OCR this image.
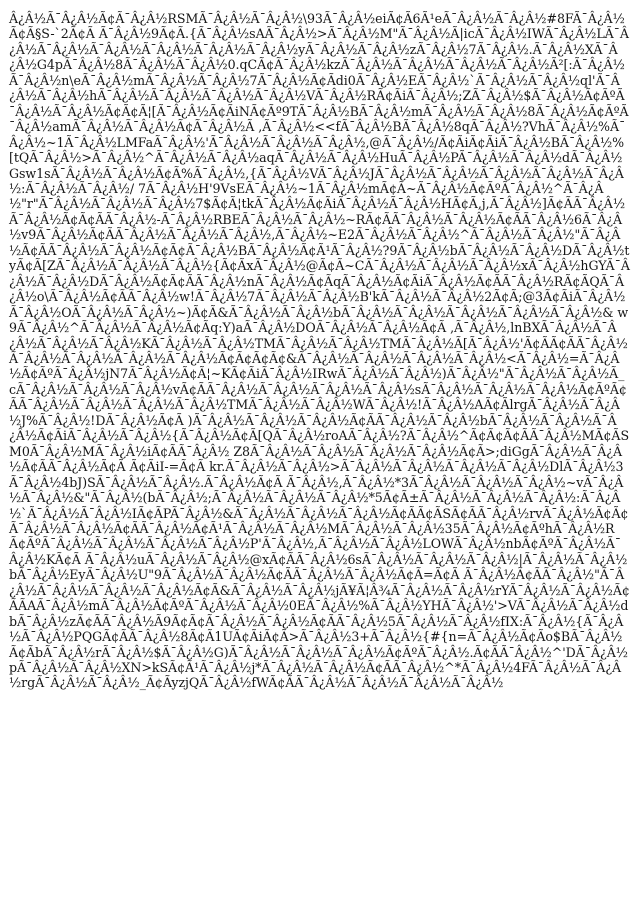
Â¿Â½Ã¯Â¿Â½Ã¢Ã¯Â¿Â½RSMÃ¯Â¿Â½Ã¯Â¿Â½\93Ã¯Â¿Â½eiÃ¢Ã6Ã¹eÃ¯Â¿Â½Ã¯Â¿Â½#8FÃ¯Â¿Â½Ã¢Ã§S-`2Ã¢Ã Ã¯Â¿Â½9Ã¢Ã.{Ã¯Â¿Â½sAÃ¯Â¿Â½>Ã¯Â¿Â½M"Ã¯Â¿Â½Ã|icÃ¯Â¿Â½IWÃ¯Â¿Â½LÃ¯Â¿Â½Ã¯Â¿Â½Ã¯Â¿Â½Ã¯Â¿Â½Ã¯Â¿Â½Ã¯Â¿Â½yÃ¯Â¿Â½Ã¯Â¿Â½zÃ¯Â¿Â½7Ã¯Â¿Â½.Ã¯Â¿Â½XÃ¯Â¿Â½G4pÃ¯Â¿Â½8Ã¯Â¿Â½Ã¯Â¿Â½0.qCÃ¢Ã¯Â¿Â½kzÃ¯Â¿Â½Ã¯Â¿Â½Ã¯Â¿Â½Ã¯Â¿Â½Ã²[:Ã¯Â¿Â½Ã¯Â¿Â½n\eÃ¯Â¿Â½mÃ¯Â¿Â½Ã¯Â¿Â½7Ã¯Â¿Â½Ã¢Ãdi0Ã¯Â¿Â½EÃ¯Â¿Â½`Ã¯Â¿Â½Ã¯Â¿Â½ql'Ã¯Â¿Â½Ã¯Â¿Â½hÃ¯Â¿Â½Ã¯Â¿Â½Ã¯Â¿Â½Ã¯Â¿Â½VÃ¯Â¿Â½RÃ¢ÃiÃ¯Â¿Â½;ZÃ¯Â¿Â½$Ã¯Â¿Â½Ã¢ÃºÃ¯Â¿Â½Ã¯Â¿Â½Ã¢Ã¢Ã¦[Ã¯Â¿Â½Ã¢ÃiNÃ¢Ãº9TÃ¯Â¿Â½BÃ¯Â¿Â½mÃ¯Â¿Â½Ã¯Â¿Â½8Ã¯Â¿Â½Ã¢ÃºÃ¯Â¿Â½amÃ¯Â¿Â½Ã¯Â¿Â½Ã¢Ã¯Â¿Â½Ã ,Ã¯Â¿Â½<<fÃ¯Â¿Â½BÃ¯Â¿Â½8qÃ¯Â¿Â½?VhÃ¯Â¿Â½%Ã¯Â¿Â½~1Ã¯Â¿Â½LMFaÃ¯Â¿Â½'Ã¯Â¿Â½Ã¯Â¿Â½Ã¯Â¿Â½,@Ã¯Â¿Â½/Ã¢ÃiÃ¢ÃiÃ¯Â¿Â½BÃ¯Â¿Â½%[tQÃ¯Â¿Â½>Ã¯Â¿Â½^Ã¯Â¿Â½Ã¯Â¿Â½aqÃ¯Â¿Â½Ã¯Â¿Â½HuÃ¯Â¿Â½PÃ¯Â¿Â½Ã¯Â¿Â½dÃ¯Â¿Â½Gsw1sÃ¯Â¿Â½Ã¯Â¿Â½Ã¢Ã%Ã¯Â¿Â½,{Ã¯Â¿Â½VÃ¯Â¿Â½JÃ¯Â¿Â½Ã¯Â¿Â½Ã¯Â¿Â½Ã¯Â¿Â½Ã¯Â¿Â½:Ã¯Â¿Â½Ã¯Â¿Â½/ 7Ã¯Â¿Â½H'9VsEÃ¯Â¿Â½~1Ã¯Â¿Â½mÃ¢Ã~Ã¯Â¿Â½Ã¢ÃºÃ¯Â¿Â½^Ã¯Â¿Â½"r"Ã¯Â¿Â½Ã¯Â¿Â½Ã¯Â¿Â½7$Ã¢Ã¦tkÃ¯Â¿Â½Ã¢ÃiÃ¯Â¿Â½Ã¯Â¿Â½HÃ¢Ã,j,Ã¯Â¿Â½]Ã¢ÃÃ¯Â¿Â½Ã¯Â¿Â½Ã¢Ã¢ÃÃ¯Â¿Â½-Ã¯Â¿Â½RBEÃ¯Â¿Â½Ã¯Â¿Â½~RÃ¢ÃÃ¯Â¿Â½Ã¯Â¿Â½Ã¢ÃÃ¯Â¿Â½6Ã¯Â¿Â½v9Ã¯Â¿Â½Ã¢ÃÃ¯Â¿Â½Ã¯Â¿Â½Ã¯Â¿Â½,Ã¯Â¿Â½~E2Ã¯Â¿Â½Ã¯Â¿Â½^Ã¯Â¿Â½Ã¯Â¿Â½"Ã¯Â¿Â½Ã¢ÃÃ¯Â¿Â½Ã¯Â¿Â½Ã¢Ã¢Ã¯Â¿Â½BÃ¯Â¿Â½Ã¢Ã¹Ã¯Â¿Â½?9Ã¯Â¿Â½bÃ¯Â¿Â½Ã¯Â¿Â½DÃ¯Â¿Â½tyÃ¢Ã[ZÃ¯Â¿Â½Ã¯Â¿Â½Ã¯Â¿Â½{Ã¢ÃxÃ¯Â¿Â½@Ã¢Ã~CÃ¯Â¿Â½Ã¯Â¿Â½Ã¯Â¿Â½xÃ¯Â¿Â½hGYÃ¯Â¿Â½Ã¯Â¿Â½DÃ¯Â¿Â½Ã¢Ã¢ÃÃ¯Â¿Â½nÃ¯Â¿Â½Ã¢ÃqÃ¯Â¿Â½Ã¢ÃiÃ¯Â¿Â½Ã¢ÃÃ¯Â¿Â½RÃ¢ÃQÃ¯Â¿Â½o\Ã¯Â¿Â½Ã¢ÃÃ¯Â¿Â½w!Ã¯Â¿Â½7Ã¯Â¿Â½Ã¯Â¿Â½B'kÃ¯Â¿Â½Ã¯Â¿Â½2Ã¢Ã;@3Ã¢ÃiÃ¯Â¿Â½Ã¯Â¿Â½OÃ¯Â¿Â½Ã¯Â¿Â½~)Ã¢Ã&Ã¯Â¿Â½Ã¯Â¿Â½bÃ¯Â¿Â½Ã¯Â¿Â½Ã¯Â¿Â½Ã¯Â¿Â½Ã¯Â¿Â½& w9Ã¯Â¿Â½^Ã¯Â¿Â½Ã¯Â¿Â½Ã¢Ãq:Y)aÃ¯Â¿Â½DOÃ¯Â¿Â½Ã¯Â¿Â½Ã¢Ã ,Ã¯Â¿Â½,lnBXÃ¯Â¿Â½Ã¯Â¿Â½Ã¯Â¿Â½Ã¯Â¿Â½KÃ¯Â¿Â½Ã¯Â¿Â½TMÃ¯Â¿Â½Ã¯Â¿Â½TMÃ¯Â¿Â½Ã[Ã¯Â¿Â½'Ã¢ÃÃ¢ÃÃ¯Â¿Â½Ã¯Â¿Â½Ã¯Â¿Â½Ã¯Â¿Â½Ã¯Â¿Â½Ã¢Ã¢Ã¢Ã¢&Ã¯Â¿Â½Ã¯Â¿Â½Ã¯Â¿Â½Ã¯Â¿Â½<Ã¯Â¿Â½=Ã¯Â¿Â½Ã¢ÃºÃ¯Â¿Â½jN7Ã¯Â¿Â½Ã¢Ã¦~KÃ¢ÃiÃ¯Â¿Â½IRwÃ¯Â¿Â½Ã¯Â¿Â½)Ã¯Â¿Â½"Ã¯Â¿Â½Ã¯Â¿Â½Ã_cÃ¯Â¿Â½Ã¯Â¿Â½Ã¯Â¿Â½vÃ¢ÃÃ¯Â¿Â½Ã¯Â¿Â½Ã¯Â¿Â½Ã¯Â¿Â½sÃ¯Â¿Â½Ã¯Â¿Â½Ã¯Â¿Â½Ã¢ÃºÃ¢ÃÃ¯Â¿Â½Ã¯Â¿Â½Ã¯Â¿Â½Ã¯Â¿Â½TMÃ¯Â¿Â½Ã¯Â¿Â½WÃ¯Â¿Â½!Ã¯Â¿Â½AÃ¢ÃlrgÃ¯Â¿Â½Ã¯Â¿Â½J%Ã¯Â¿Â½!DÃ¯Â¿Â½Ã¢Ã )Ã¯Â¿Â½Ã¯Â¿Â½Ã¯Â¿Â½Ã¢ÃÃ¯Â¿Â½Ã¯Â¿Â½bÃ¯Â¿Â½Ã¯Â¿Â½Ã¯Â¿Â½Ã¢ÃiÃ¯Â¿Â½Ã¯Â¿Â½{Ã¯Â¿Â½Ã¢Ã[QÃ¯Â¿Â½roAÃ¯Â¿Â½?Ã¯Â¿Â½^Ã¢Ã¢Ã¢ÃÃ¯Â¿Â½MÃ¢ÃSM0Ã¯Â¿Â½MÃ¯Â¿Â½iÃ¢ÃÃ¯Â¿Â½ Z8Ã¯Â¿Â½Ã¯Â¿Â½Ã¯Â¿Â½Ã¯Â¿Â½Ã¢Ã>;diGgÃ¯Â¿Â½Ã¯Â¿Â½Ã¢ÃÃ¯Â¿Â½Ã¢Ã Ã¢ÃiI-=Ã¢Ã kr.Ã¯Â¿Â½Ã¯Â¿Â½>Ã¯Â¿Â½Ã¯Â¿Â½Ã¯Â¿Â½Ã¯Â¿Â½DlÃ¯Â¿Â½3Ã¯Â¿Â½4bJ)SÃ¯Â¿Â½Ã¯Â¿Â½.Ã¯Â¿Â½Ã¢Ã Ã¯Â¿Â½,Ã¯Â¿Â½*3Ã¯Â¿Â½Ã¯Â¿Â½Ã¯Â¿Â½~vÃ¯Â¿Â½Ã¯Â¿Â½&"Ã¯Â¿Â½(bÃ¯Â¿Â½;Ã¯Â¿Â½Ã¯Â¿Â½Ã¯Â¿Â½*5Ã¢Ã±Ã¯Â¿Â½Ã¯Â¿Â½Ã¯Â¿Â½:Ã¯Â¿Â½`Ã¯Â¿Â½Ã¯Â¿Â½IÃ¢ÃPÃ¯Â¿Â½&Ã¯Â¿Â½Ã¯Â¿Â½Ã¯Â¿Â½Ã¢ÃÃ¢ÃSÃ¢ÃÃ¯Â¿Â½rvÃ¯Â¿Â½Ã¢Ã¢Ã¯Â¿Â½Ã¯Â¿Â½Ã¢ÃÃ¯Â¿Â½Ã¢Ã¹Ã¯Â¿Â½Ã¯Â¿Â½MÃ¯Â¿Â½Ã¯Â¿Â½35Ã¯Â¿Â½Ã¢ÃºhÃ¯Â¿Â½RÃ¢ÃºÃ¯Â¿Â½Ã¯Â¿Â½Ã¯Â¿Â½Ã¯Â¿Â½P'Ã¯Â¿Â½,Ã¯Â¿Â½Ã¯Â¿Â½LOWÃ¯Â¿Â½nbÃ¢ÃºÃ¯Â¿Â½Ã¯Â¿Â½KÃ¢Ã Ã¯Â¿Â½uÃ¯Â¿Â½Ã¯Â¿Â½@xÃ¢ÃÃ¯Â¿Â½6sÃ¯Â¿Â½Ã¯Â¿Â½Ã¯Â¿Â½|Ã¯Â¿Â½Ã¯Â¿Â½bÃ¯Â¿Â½EyÃ¯Â¿Â½U"9Ã¯Â¿Â½Ã¯Â¿Â½Ã¢ÃÃ¯Â¿Â½Ã¯Â¿Â½Ã¢Ã=Ã¢Ã Ã¯Â¿Â½Ã¢ÃÃ¯Â¿Â½"Ã¯Â¿Â½Ã¯Â¿Â½Ã¯Â¿Â½Ã¯Â¿Â½Ã¢Ã&Ã¯Â¿Â½Ã¯Â¿Â½jÃ¥Ã¦Â¾Ã¯Â¿Â½Ã¯Â¿Â½rYÃ¯Â¿Â½Ã¯Â¿Â½Ã¢ÃÃAÃ¯Â¿Â½mÃ¯Â¿Â½Ã¢ÃºÃ¯Â¿Â½Ã¯Â¿Â½0EÃ¯Â¿Â½%Ã¯Â¿Â½YHÃ¯Â¿Â½'>VÃ¯Â¿Â½Ã¯Â¿Â½dbÃ¯Â¿Â½zÃ¢ÃÃ¯Â¿Â½Ã9Ã¢Ã¢Ã¯Â¿Â½Ã¯Â¿Â½Ã¢ÃÃ¯Â¿Â½5Ã¯Â¿Â½Ã¯Â¿Â½fIX:Ã¯Â¿Â½{Ã¯Â¿Â½Ã¯Â¿Â½PQGÃ¢ÃÃ¯Â¿Â½8Ã¢Ã1UÃ¢ÃiÃ¢Ã>Ã¯Â¿Â½3+Ã¯Â¿Â½{#{n=Ã¯Â¿Â½Ã¢Ão$BÃ¯Â¿Â½Ã¢ÃbÃ¯Â¿Â½rÃ¯Â¿Â½$Ã¯Â¿Â½G)Ã¯Â¿Â½Ã¯Â¿Â½Ã¯Â¿Â½Ã¢ÃºÃ¯Â¿Â½.Ã¢ÃÃ¯Â¿Â½^'DÃ¯Â¿Â½pÃ¯Â¿Â½Ã¯Â¿Â½XN>kSÃ¢Ã¹Ã¯Â¿Â½j*Ã¯Â¿Â½Ã¯Â¿Â½Ã¢ÃÃ¯Â¿Â½^*Ã¯Â¿Â½4FÃ¯Â¿Â½Ã¯Â¿Â½rgÃ¯Â¿Â½Ã¯Â¿Â½_Ã¢ÃyzjQÃ¯Â¿Â½fWÃ¢ÃÃ¯Â¿Â½Ã¯Â¿Â½Ã¯Â¿Â½Ã¯Â¿Â½
